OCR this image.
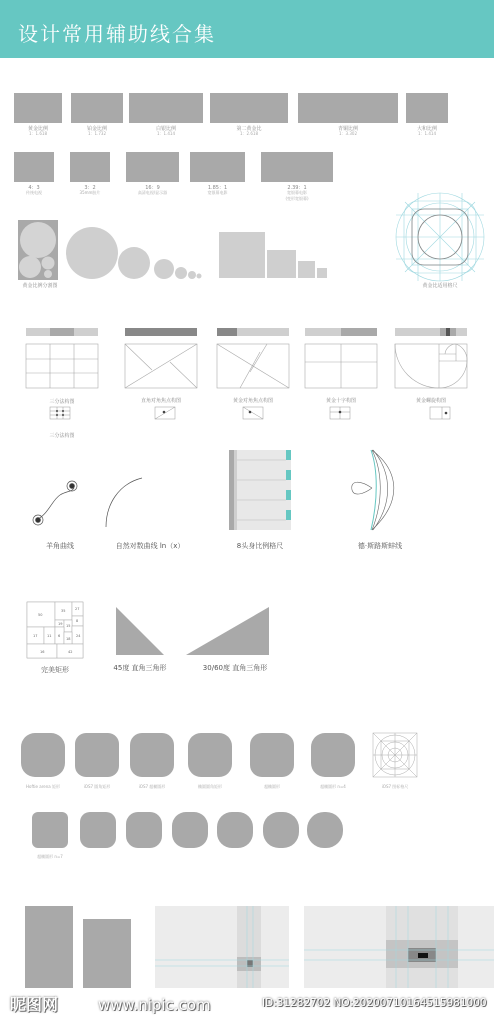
设计常用辅助线合集
黄金比例
1：1.618
铂金比例
1：1.732
白银比例
1：1.414
第二黄金比
1：2.618
青铜比例
1：3.302
大和比例
1：1.414
4：3
传统电视
3：2
35mm胶片
16：9
高清电视/显示器
1.85：1
宽银幕电影
2.39：1
宽银幕电影
(变形宽银幕)
黄金比例分割图	黄金比适用格尺
三分法构图	直角对角焦点构图	黄金对角焦点构图	黄金十字构图	黄金螺旋构图
三分法构图
羊角曲线	自然对数曲线 ln（x）	8头身比例格尺	德·斯路斯蚌线
50
35	27
8
19 15
17	11 6	24
18
16	42
完美矩形	45度 直角三角形	30/60度 直角三角形
Hoftie arena 矩形	iOS7 圆角矩形	iOS7 超椭圆形	椭圆圆角矩形	超椭圆形	超椭圆形 n=4	iOS7 图标格尺
超椭圆形 n=7
昵图网	www.nipic.com	ID:31282702 NO:20200710164515981000
